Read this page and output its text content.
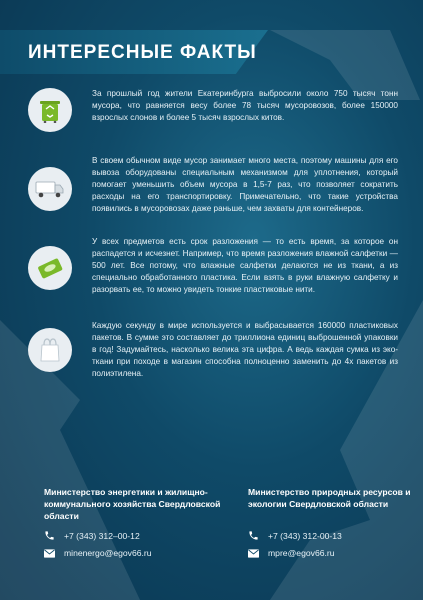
ИНТЕРЕСНЫЕ ФАКТЫ
За прошлый год жители Екатеринбурга выбросили около 750 тысяч тонн мусора, что равняется весу более 78 тысяч мусоровозов, более 150000 взрослых слонов и более 5 тысяч взрослых китов.
В своем обычном виде мусор занимает много места, поэтому машины для его вывоза оборудованы специальным механизмом для уплотнения, который помогает уменьшить объем мусора в 1,5-7 раз, что позволяет сократить расходы на его транспортировку. Примечательно, что такие устройства появились в мусоровозах даже раньше, чем захваты для контейнеров.
У всех предметов есть срок разложения — то есть время, за которое он распадется и исчезнет. Например, что время разложения влажной салфетки — 500 лет. Все потому, что влажные салфетки делаются не из ткани, а из специально обработанного пластика. Если взять в руки влажную салфетку и разорвать ее, то можно увидеть тонкие пластиковые нити.
Каждую секунду в мире используется и выбрасывается 160000 пластиковых пакетов. В сумме это составляет до триллиона единиц выброшенной упаковки в год! Задумайтесь, насколько велика эта цифра. А ведь каждая сумка из эко-ткани при походе в магазин способна полноценно заменить до 4х пакетов из полиэтилена.
Министерство энергетики и жилищно-коммунального хозяйства Свердловской области
+7 (343) 312–00-12
minenergo@egov66.ru
Министерство природных ресурсов и экологии Свердловской области
+7 (343) 312-00-13
mpre@egov66.ru
